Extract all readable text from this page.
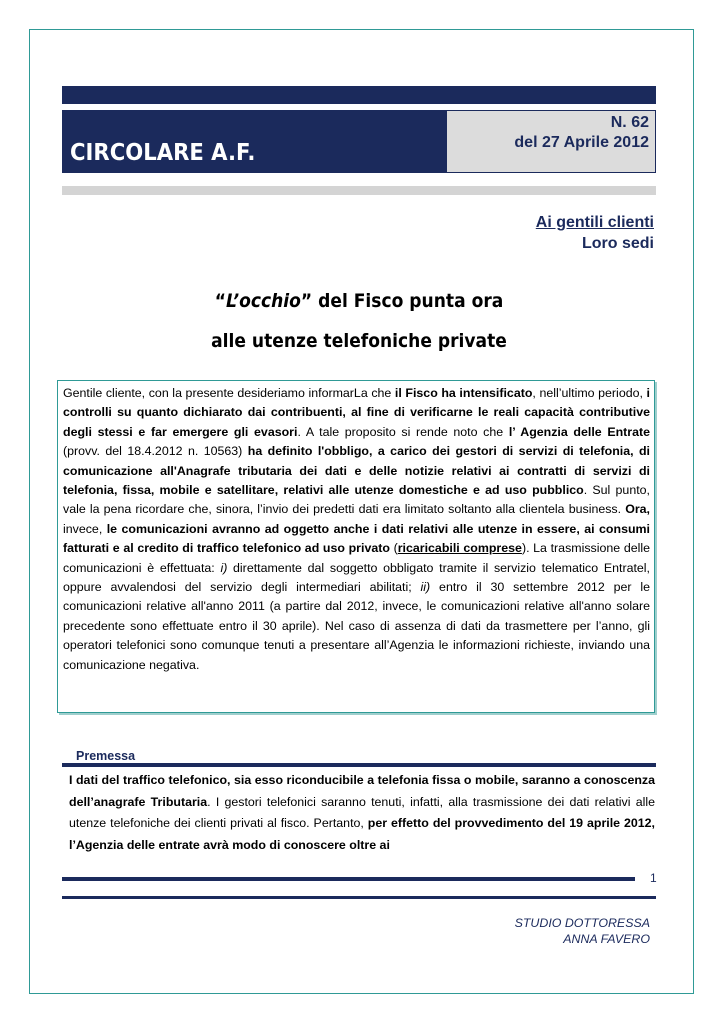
CIRCOLARE A.F.
N. 62
del 27 Aprile 2012
Ai gentili clienti
Loro sedi
“L’occhio” del Fisco punta ora
alle utenze telefoniche private
Gentile cliente, con la presente desideriamo informarLa che il Fisco ha intensificato, nell’ultimo periodo, i controlli su quanto dichiarato dai contribuenti, al fine di verificarne le reali capacità contributive degli stessi e far emergere gli evasori. A tale proposito si rende noto che l’ Agenzia delle Entrate (provv. del 18.4.2012 n. 10563) ha definito l'obbligo, a carico dei gestori di servizi di telefonia, di comunicazione all'Anagrafe tributaria dei dati e delle notizie relativi ai contratti di servizi di telefonia, fissa, mobile e satellitare, relativi alle utenze domestiche e ad uso pubblico. Sul punto, vale la pena ricordare che, sinora, l’invio dei predetti dati era limitato soltanto alla clientela business. Ora, invece, le comunicazioni avranno ad oggetto anche i dati relativi alle utenze in essere, ai consumi fatturati e al credito di traffico telefonico ad uso privato (ricaricabili comprese). La trasmissione delle comunicazioni è effettuata: i) direttamente dal soggetto obbligato tramite il servizio telematico Entratel, oppure avvalendosi del servizio degli intermediari abilitati; ii) entro il 30 settembre 2012 per le comunicazioni relative all'anno 2011 (a partire dal 2012, invece, le comunicazioni relative all'anno solare precedente sono effettuate entro il 30 aprile). Nel caso di assenza di dati da trasmettere per l’anno, gli operatori telefonici sono comunque tenuti a presentare all’Agenzia le informazioni richieste, inviando una comunicazione negativa.
Premessa
I dati del traffico telefonico, sia esso riconducibile a telefonia fissa o mobile, saranno a conoscenza dell’anagrafe Tributaria. I gestori telefonici saranno tenuti, infatti, alla trasmissione dei dati relativi alle utenze telefoniche dei clienti privati al fisco. Pertanto, per effetto del provvedimento del 19 aprile 2012, l’Agenzia delle entrate avrà modo di conoscere oltre ai
1
STUDIO DOTTORESSA
ANNA FAVERO
